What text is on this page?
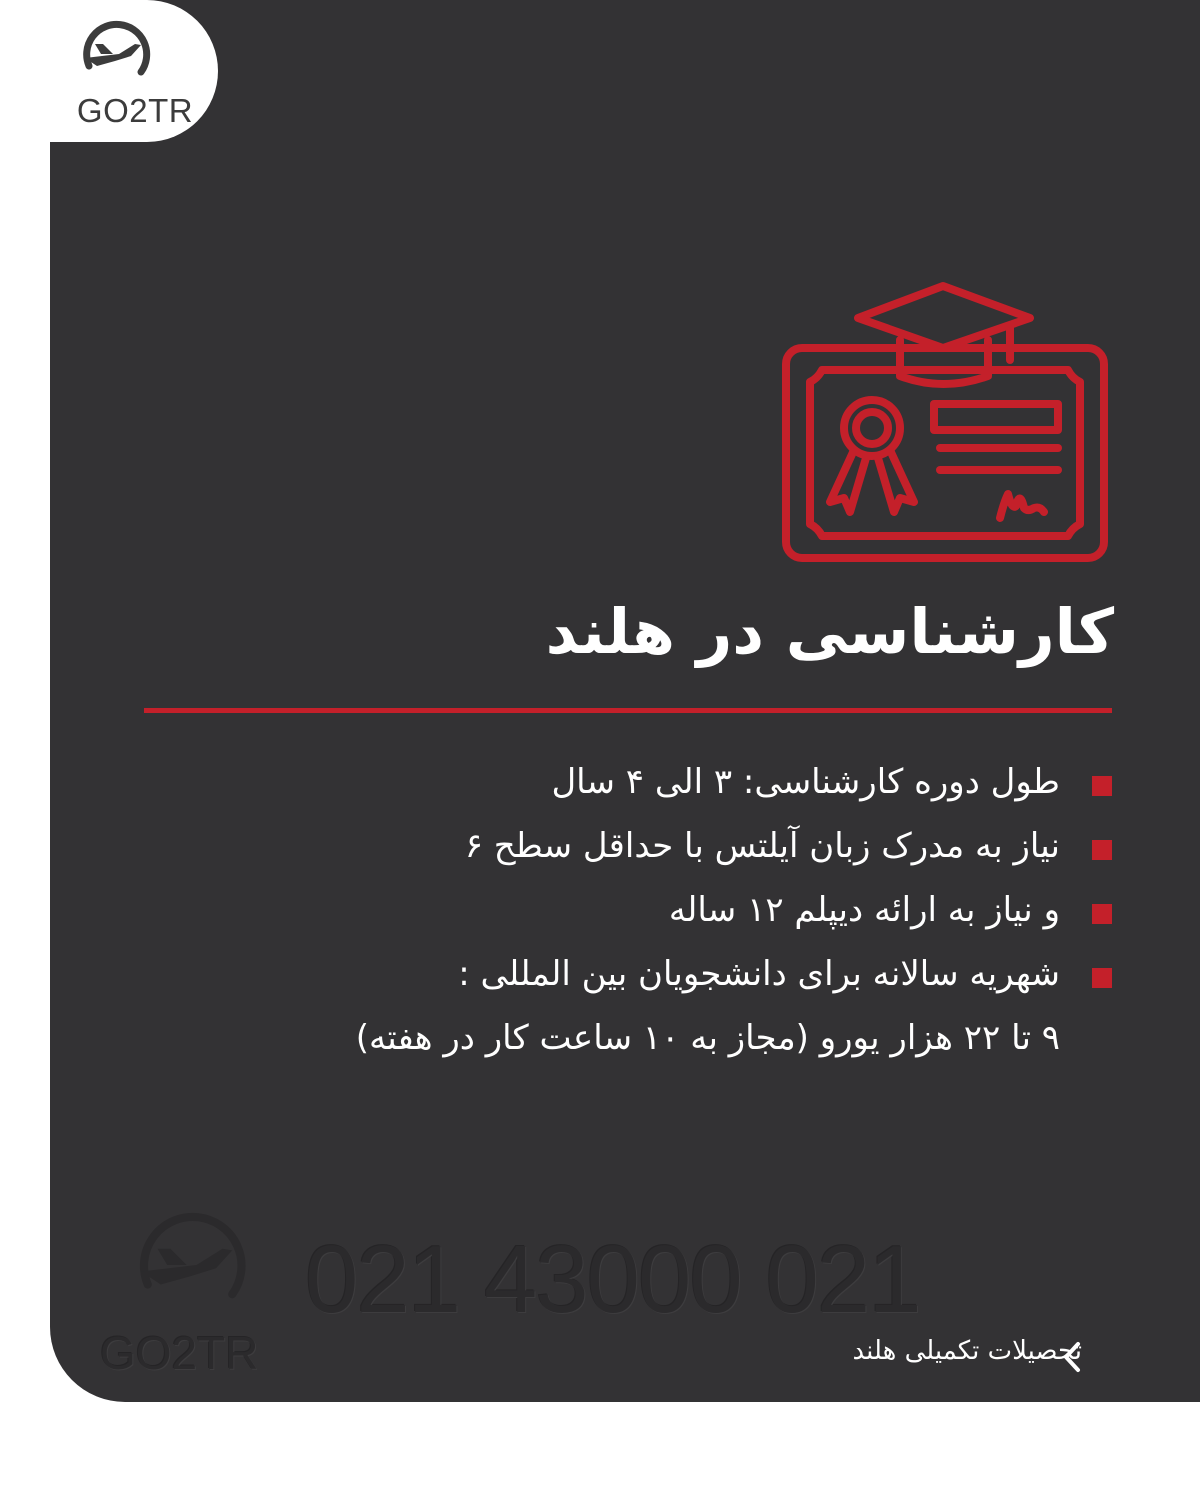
GO2TR
کارشناسی در هلند
طول دوره کارشناسی: ۳ الی ۴ سال
نیاز به مدرک زبان آیلتس با حداقل سطح ۶
و نیاز به ارائه دیپلم ۱۲ ساله
شهریه سالانه برای دانشجویان بین المللی :
۹ تا ۲۲ هزار یورو (مجاز به ۱۰ ساعت کار در هفته)
021 43000 021
GO2TR	تحصیلات تکمیلی هلند
